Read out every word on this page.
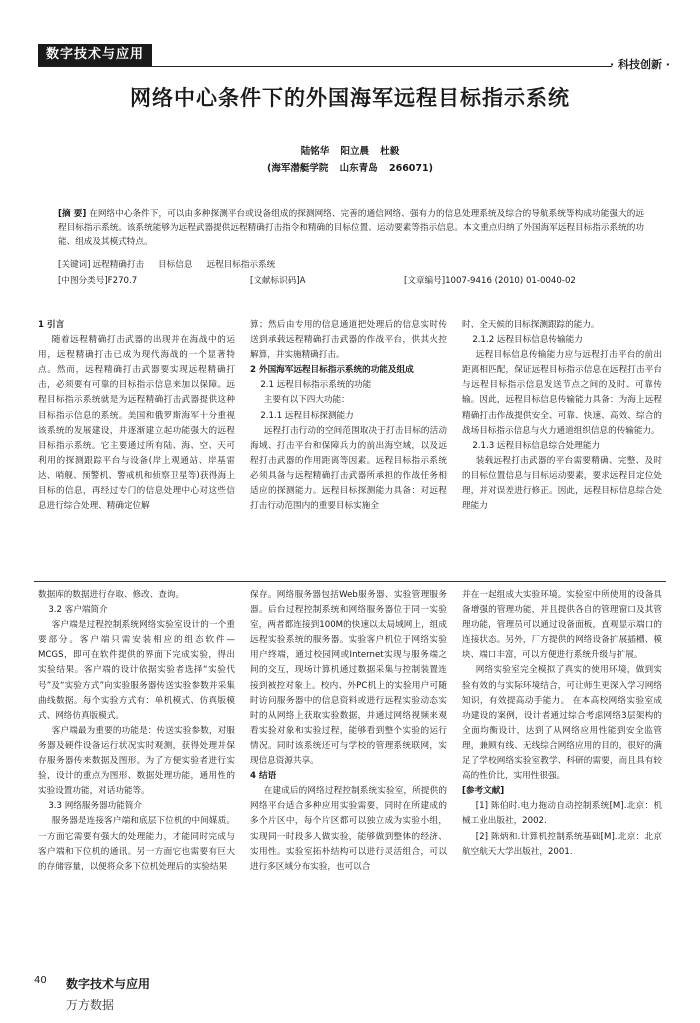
数字技术与应用
· 科技创新 ·
网络中心条件下的外国海军远程目标指示系统
陆铭华 阳立晨 杜毅
(海军潜艇学院 山东青岛 266071)
[摘 要] 在网络中心条件下，可以由多种探测平台或设备组成的探测网络、完善的通信网络、强有力的信息处理系统及综合的导航系统等构成功能强大的远程目标指示系统。该系统能够为远程武器提供远程精确打击指令和精确的目标位置、运动要素等指示信息。本文重点归纳了外国海军远程目标指示系统的功能、组成及其模式特点。
[关键词] 远程精确打击 目标信息 远程目标指示系统
[中图分类号]F270.7	[文献标识码]A	[文章编号]1007-9416 (2010) 01-0040-02

1 引言

随着远程精确打击武器的出现并在海战中的运用，远程精确打击已成为现代海战的一个显著特点。然而，远程精确打击武器要实现远程精确打击，必须要有可靠的目标指示信息来加以保障。远程目标指示系统就是为远程精确打击武器提供这种目标指示信息的系统。美国和俄罗斯海军十分重视该系统的发展建设，并逐渐建立起功能强大的远程目标指示系统。它主要通过所有陆、海、空、天可利用的探测跟踪平台与设备(岸上观通站、岸基雷达、哨舰、预警机、警戒机和侦察卫星等)获得海上目标的信息，再经过专门的信息处理中心对这些信息进行综合处理、精确定位解

算；然后由专用的信息通道把处理后的信息实时传送到承载远程精确打击武器的作战平台，供其火控解算，并实施精确打击。

2 外国海军远程目标指示系统的功能及组成

2.1 远程目标指示系统的功能

主要有以下四大功能：

2.1.1 远程目标探测能力

远程打击行动的空间范围取决于打击目标的活动海域、打击平台和保障兵力的前出海空域，以及远程打击武器的作用距离等因素。远程目标指示系统必须具备与远程精确打击武器所承担的作战任务相适应的探测能力。远程目标探测能力具备：对远程打击行动范围内的重要目标实施全

时、全天候的目标探测跟踪的能力。

2.1.2 远程目标信息传输能力

远程目标信息传输能力应与远程打击平台的前出距离相匹配，保证远程目标指示信息在远程打击平台与远程目标指示信息发送节点之间的及时、可靠传输。因此，远程目标信息传输能力具备：为海上远程精确打击作战提供安全、可靠、快速、高效、综合的战场目标指示信息与火力通道组织信息的传输能力。

2.1.3 远程目标信息综合处理能力

装载远程打击武器的平台需要精确、完整、及时的目标位置信息与目标运动要素，要求远程目定位处理，并对误差进行修正。因此，远程目标信息综合处理能力

数据库的数据进行存取、修改、查询。

3.2 客户端简介

客户端是过程控制系统网络实验室设计的一个重要部分。客户端只需安装相应的组态软件—MCGS，即可在软件提供的界面下完成实验，得出实验结果。客户端的设计依据实验者选择“实验代号”及“实验方式”向实验服务器传送实验参数并采集曲线数据。每个实验方式有：单机模式、仿真版模式、网络仿真版模式。

客户端最为重要的功能是：传送实验参数，对服务器及硬件设备运行状况实时观测，获得处理并保存服务器传来数据及图形。为了方便实验者进行实验，设计的重点为图形、数据处理功能，通用性的实验设置功能，对话功能等。

3.3 网络服务器功能简介

服务器是连接客户端和底层下位机的中间媒质。一方面它需要有强大的处理能力，才能同时完成与客户端和下位机的通讯。另一方面它也需要有巨大的存储容量，以便将众多下位机处理后的实验结果

保存。网络服务器包括Web服务器、实验管理服务器。后台过程控制系统和网络服务器位于同一实验室，两者都连接到100M的快速以太局域网上，组成远程实验系统的服务器。实验客户机位于网络实验用户终端，通过校园网或Internet实现与服务端之间的交互，现场计算机通过数据采集与控制装置连接到被控对象上。校内、外PC机上的实验用户可随时访问服务器中的信息资料或进行远程实验动态实时的从网络上获取实验数据，并通过网络视频来观看实验对象和实验过程，能够看到整个实验的运行情况。同时该系统还可与学校的管理系统联网，实现信息资源共享。

4 结语

在建成后的网络过程控制系统实验室，所提供的网络平台适合多种应用实验需要，同时在所建成的多个片区中，每个片区都可以独立成为实验小组，实现同一时段多人做实验，能够做到整体的经济、实用性。实验室拓朴结构可以进行灵活组合，可以进行多区域分布实验，也可以合

并在一起组成大实验环境。实验室中所使用的设备具备增强的管理功能，并且提供各自的管理窗口及其管理功能，管理员可以通过设备面板，直观显示端口的连接状态。另外，厂方提供的网络设备扩展插槽、模块、端口丰富，可以方便进行系统升级与扩展。

网络实验室完全模拟了真实的使用环境，做到实验有效的与实际环境结合，可让师生更深入学习网络知识，有效提高动手能力。 在本高校网络实验室成功建设的案例，设计者通过综合考虑网络3层架构的全面均衡设计，达到了从网络应用性能到安全监管理，兼顾有线、无线综合网络应用的目的，很好的满足了学校网络实验室教学、科研的需要，而且具有较高的性价比，实用性很强。

[参考文献]

[1] 陈伯时.电力拖动自动控制系统[M].北京：机械工业出版社，2002.

[2] 陈炳和.计算机控制系统基础[M].北京：北京航空航天大学出版社，2001.

40 数字技术与应用
万方数据
